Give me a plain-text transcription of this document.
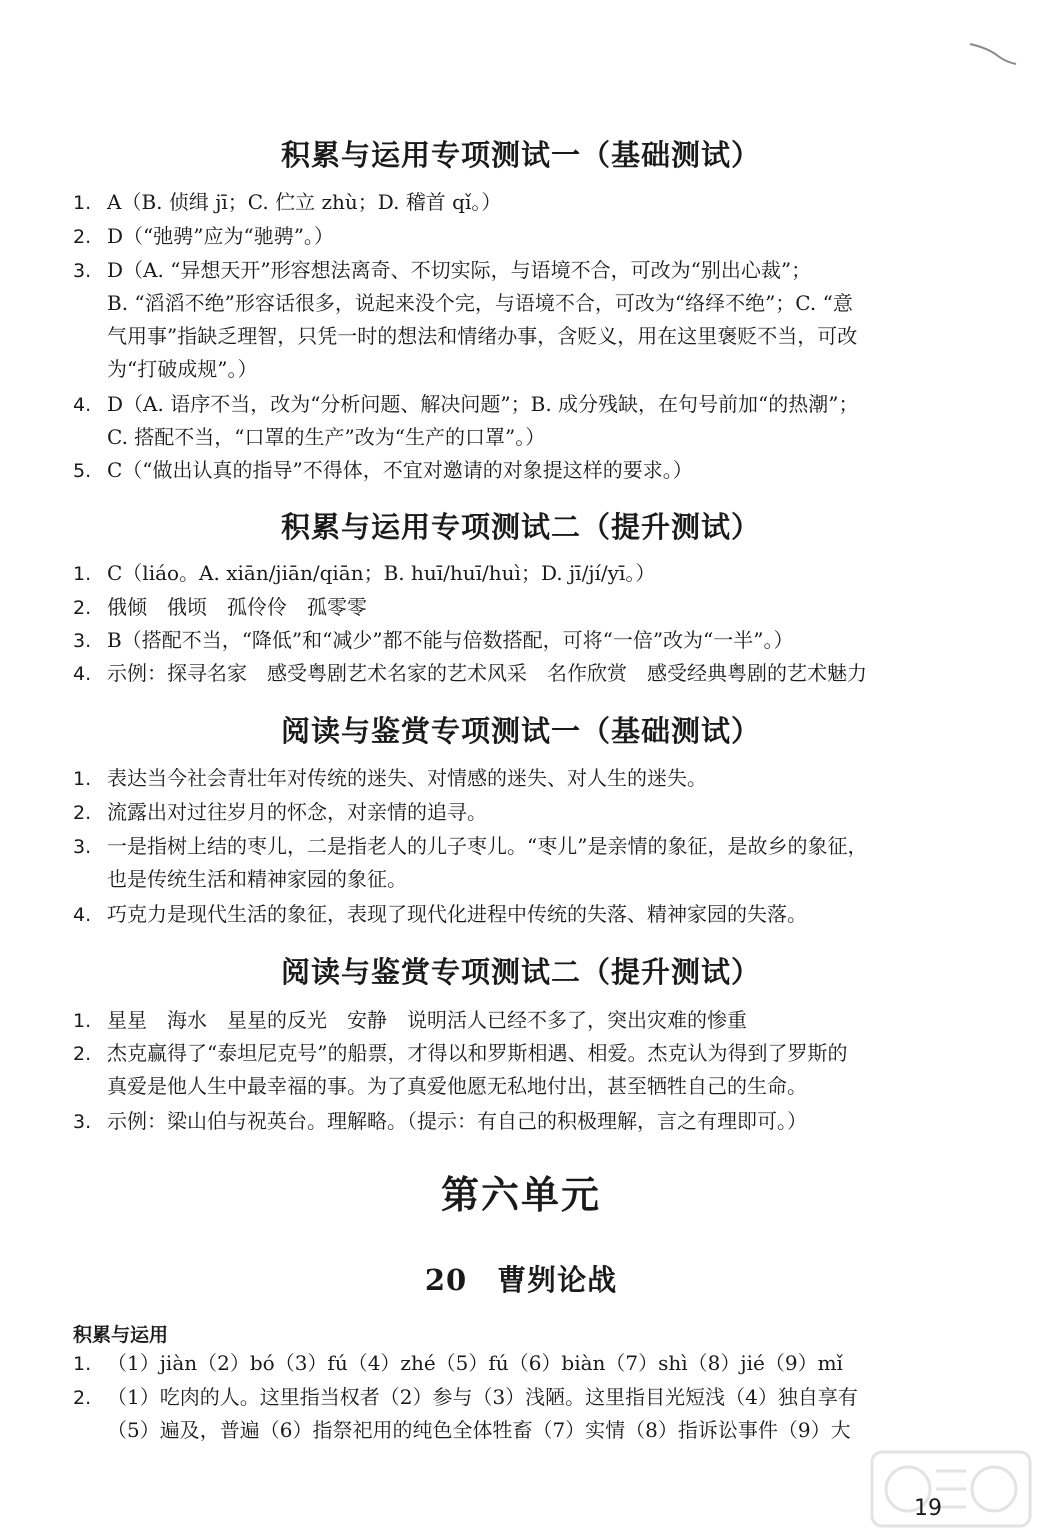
积累与运用专项测试一（基础测试）
1. A（B. 侦缉 jī；C. 伫立 zhù；D. 稽首 qǐ。）
2. D（“弛骋”应为“驰骋”。）
3. D（A. “异想天开”形容想法离奇、不切实际，与语境不合，可改为“别出心裁”；
B. “滔滔不绝”形容话很多，说起来没个完，与语境不合，可改为“络绎不绝”；C. “意
气用事”指缺乏理智，只凭一时的想法和情绪办事，含贬义，用在这里褒贬不当，可改
为“打破成规”。）
4. D（A. 语序不当，改为“分析问题、解决问题”；B. 成分残缺，在句号前加“的热潮”；
C. 搭配不当，“口罩的生产”改为“生产的口罩”。）
5. C（“做出认真的指导”不得体，不宜对邀请的对象提这样的要求。）
积累与运用专项测试二（提升测试）
1. C（liáo。A. xiān/jiān/qiān；B. huī/huī/huì；D. jī/jí/yī。）
2. 俄倾　俄顷　孤伶伶　孤零零
3. B（搭配不当，“降低”和“减少”都不能与倍数搭配，可将“一倍”改为“一半”。）
4. 示例：探寻名家　感受粤剧艺术名家的艺术风采　名作欣赏　感受经典粤剧的艺术魅力
阅读与鉴赏专项测试一（基础测试）
1. 表达当今社会青壮年对传统的迷失、对情感的迷失、对人生的迷失。
2. 流露出对过往岁月的怀念，对亲情的追寻。
3. 一是指树上结的枣儿，二是指老人的儿子枣儿。“枣儿”是亲情的象征，是故乡的象征，
也是传统生活和精神家园的象征。
4. 巧克力是现代生活的象征，表现了现代化进程中传统的失落、精神家园的失落。
阅读与鉴赏专项测试二（提升测试）
1. 星星　海水　星星的反光　安静　说明活人已经不多了，突出灾难的惨重
2. 杰克赢得了“泰坦尼克号”的船票，才得以和罗斯相遇、相爱。杰克认为得到了罗斯的
真爱是他人生中最幸福的事。为了真爱他愿无私地付出，甚至牺牲自己的生命。
3. 示例：梁山伯与祝英台。理解略。（提示：有自己的积极理解，言之有理即可。）
第六单元
20　曹刿论战
积累与运用
1. （1）jiàn（2）bó（3）fú（4）zhé（5）fú（6）biàn（7）shì（8）jié（9）mǐ
2. （1）吃肉的人。这里指当权者（2）参与（3）浅陋。这里指目光短浅（4）独自享有
（5）遍及，普遍（6）指祭祀用的纯色全体牲畜（7）实情（8）指诉讼事件（9）大
19
